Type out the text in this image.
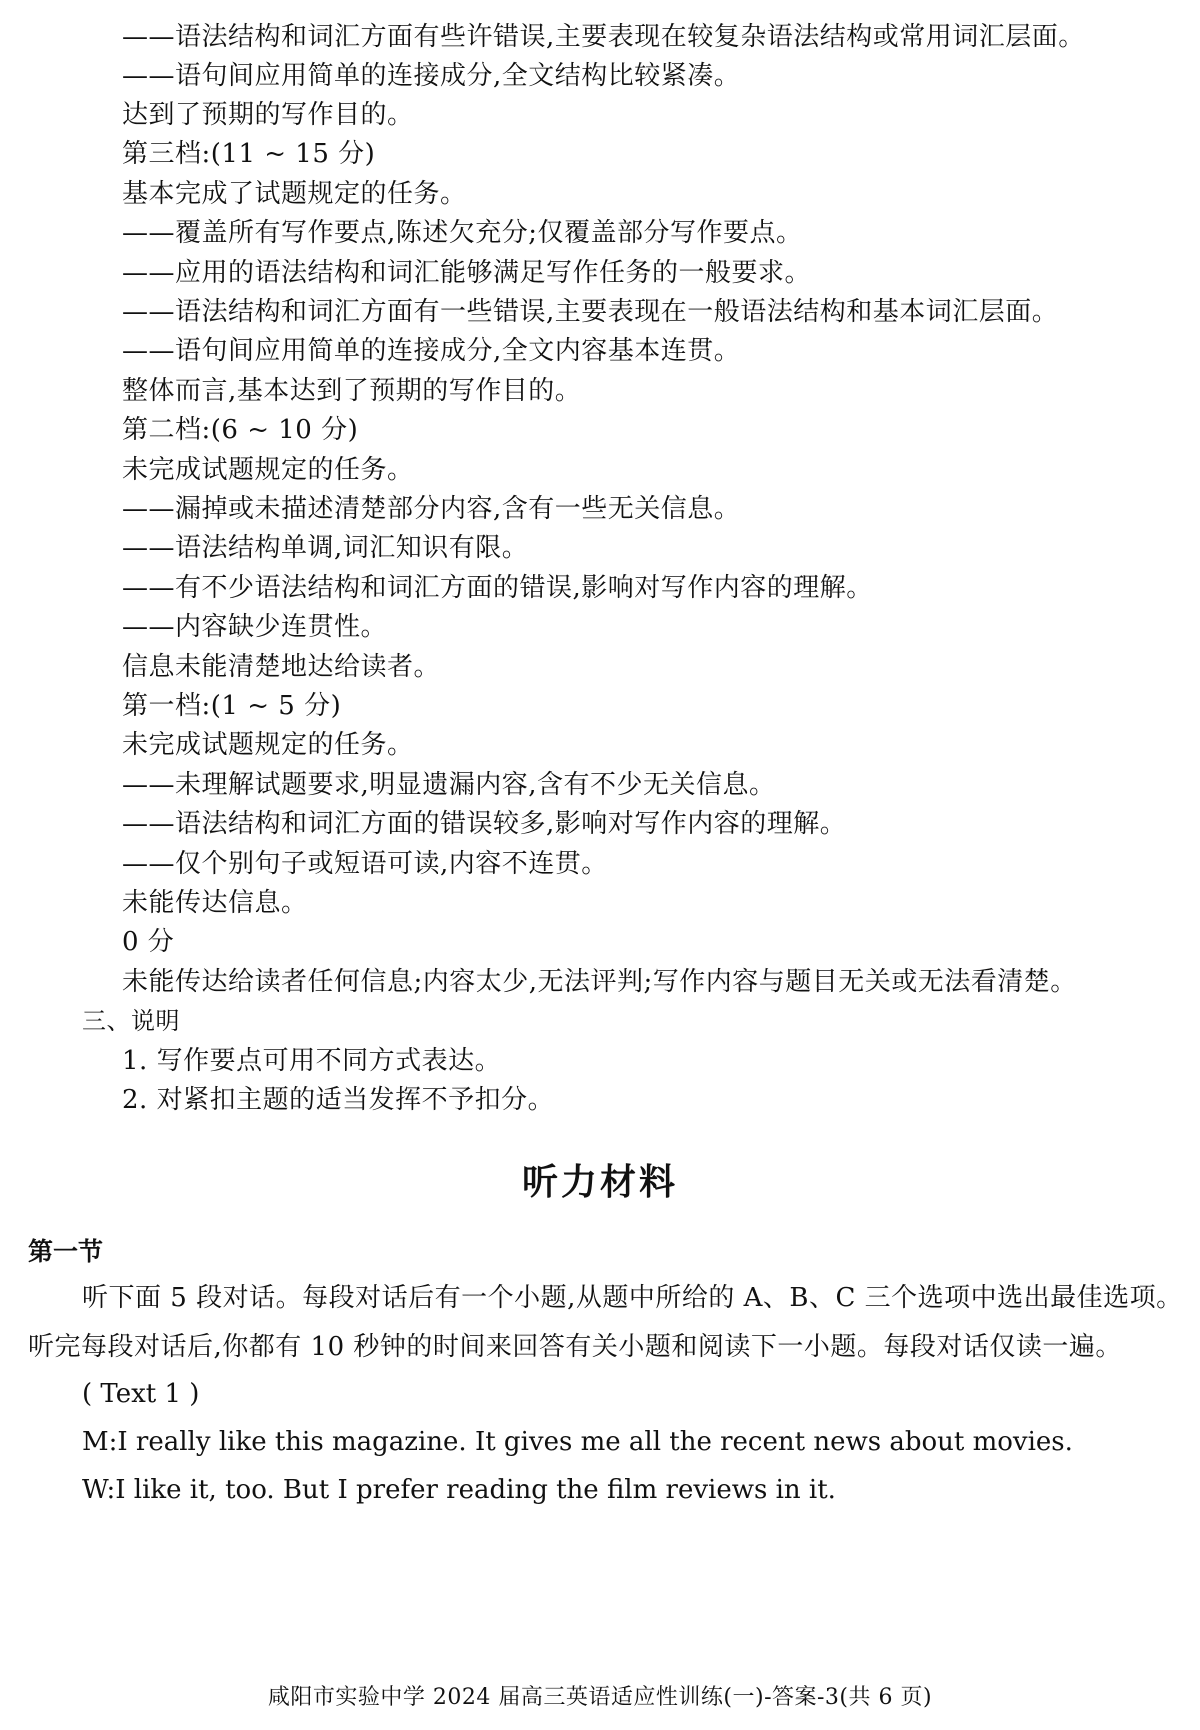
——语法结构和词汇方面有些许错误,主要表现在较复杂语法结构或常用词汇层面。
——语句间应用简单的连接成分,全文结构比较紧凑。
达到了预期的写作目的。
第三档:(11 ~ 15 分)
基本完成了试题规定的任务。
——覆盖所有写作要点,陈述欠充分;仅覆盖部分写作要点。
——应用的语法结构和词汇能够满足写作任务的一般要求。
——语法结构和词汇方面有一些错误,主要表现在一般语法结构和基本词汇层面。
——语句间应用简单的连接成分,全文内容基本连贯。
整体而言,基本达到了预期的写作目的。
第二档:(6 ~ 10 分)
未完成试题规定的任务。
——漏掉或未描述清楚部分内容,含有一些无关信息。
——语法结构单调,词汇知识有限。
——有不少语法结构和词汇方面的错误,影响对写作内容的理解。
——内容缺少连贯性。
信息未能清楚地达给读者。
第一档:(1 ~ 5 分)
未完成试题规定的任务。
——未理解试题要求,明显遗漏内容,含有不少无关信息。
——语法结构和词汇方面的错误较多,影响对写作内容的理解。
——仅个别句子或短语可读,内容不连贯。
未能传达信息。
0 分
未能传达给读者任何信息;内容太少,无法评判;写作内容与题目无关或无法看清楚。
三、说明
1. 写作要点可用不同方式表达。
2. 对紧扣主题的适当发挥不予扣分。
听力材料
第一节
听下面 5 段对话。每段对话后有一个小题,从题中所给的 A、B、C 三个选项中选出最佳选项。
听完每段对话后,你都有 10 秒钟的时间来回答有关小题和阅读下一小题。每段对话仅读一遍。
( Text 1 )
M:I really like this magazine. It gives me all the recent news about movies.
W:I like it, too. But I prefer reading the film reviews in it.
咸阳市实验中学 2024 届高三英语适应性训练(一)-答案-3(共 6 页)
